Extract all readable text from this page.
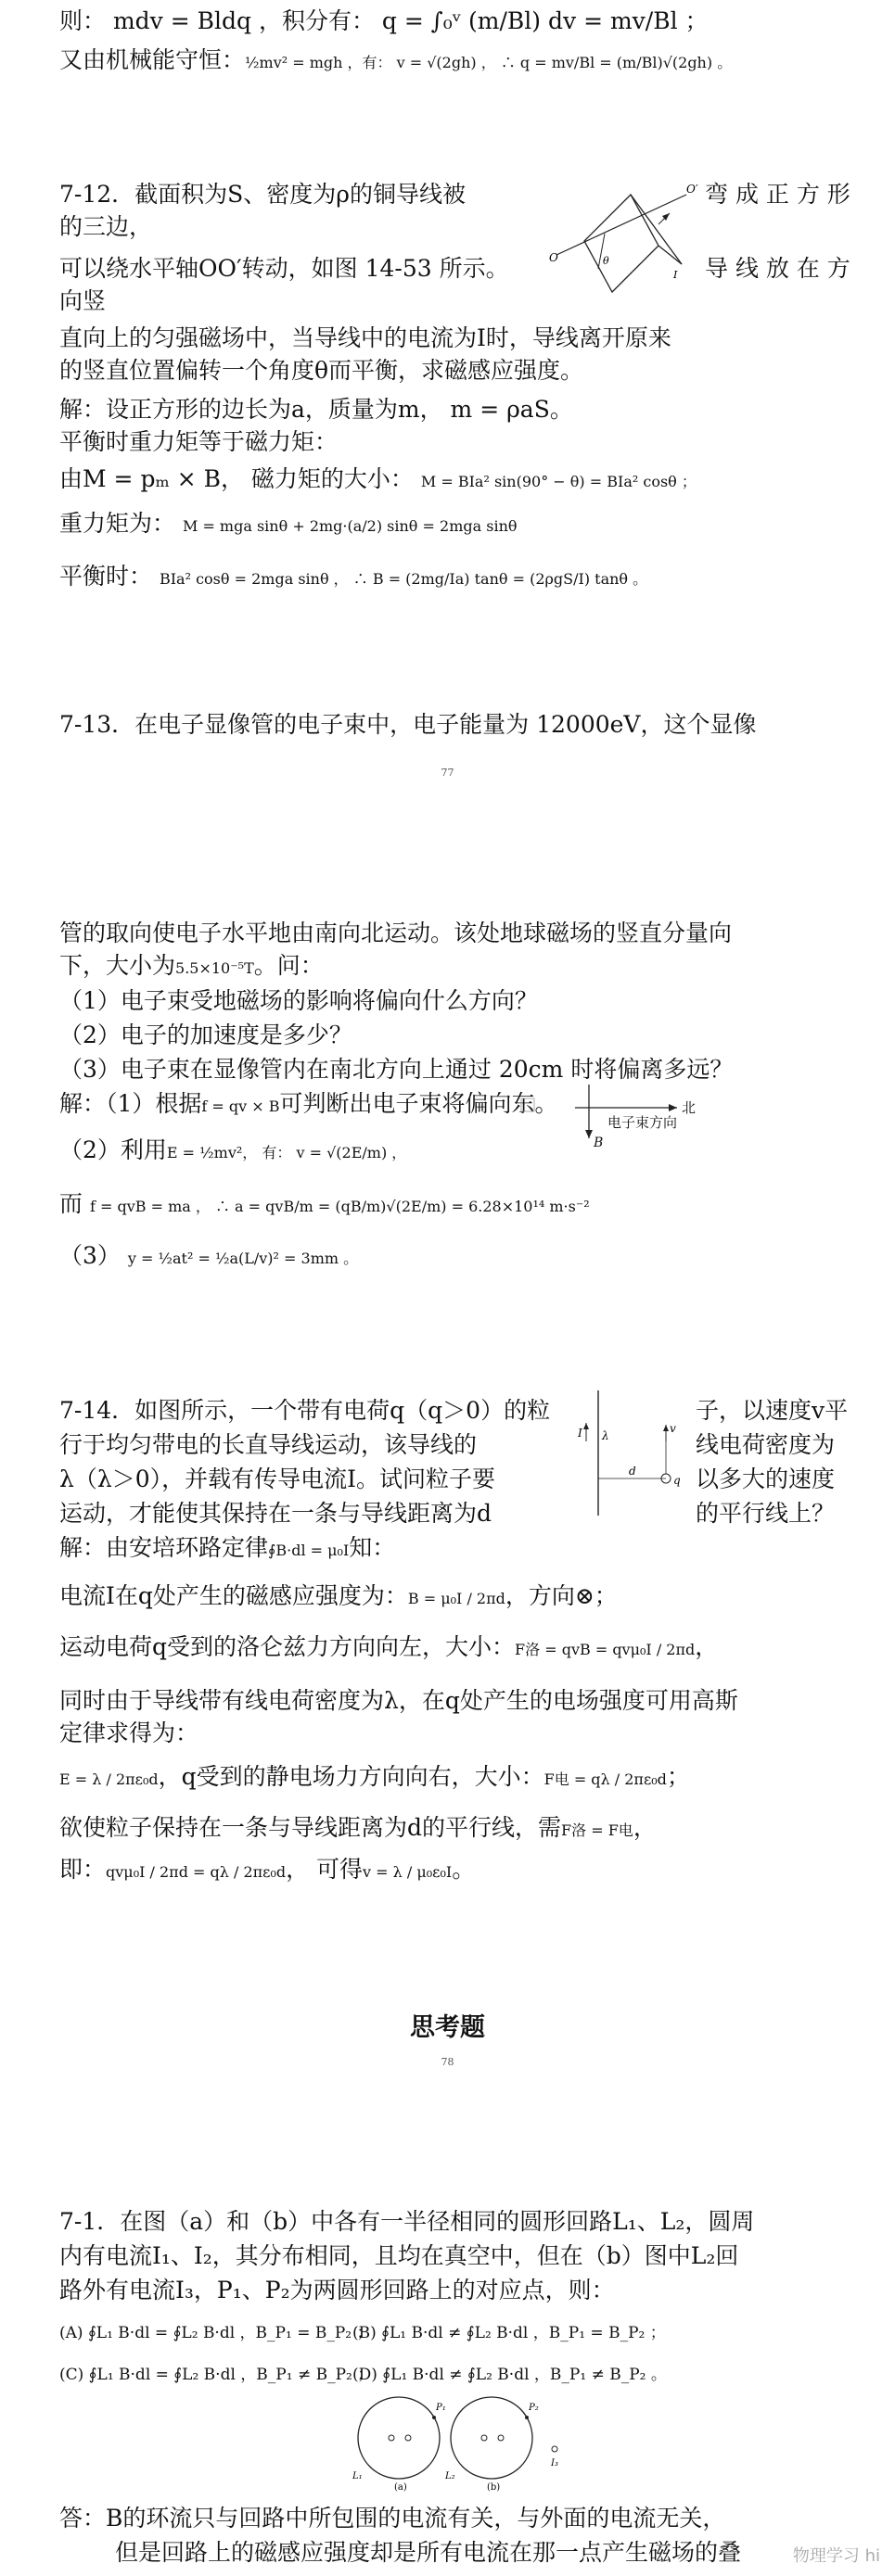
则： mdv = Bldq ，积分有： q = ∫₀ᵛ (m/Bl) dv = mv/Bl ；
又由机械能守恒：½mv² = mgh ，有： v = √(2gh) ， ∴ q = mv/Bl = (m/Bl)√(2gh) 。
7-12．截面积为S、密度为ρ的铜导线被	弯 成 正 方 形
的三边，
可以绕水平轴OO′转动，如图 14-53 所示。	导 线 放 在 方
向竖
O
O′
θ
I
直向上的匀强磁场中，当导线中的电流为I时，导线离开原来
的竖直位置偏转一个角度θ而平衡，求磁感应强度。
解：设正方形的边长为a，质量为m， m = ρaS。
平衡时重力矩等于磁力矩：
由M = pₘ × B， 磁力矩的大小： M = BIa² sin(90° − θ) = BIa² cosθ ；
重力矩为： M = mga sinθ + 2mg·(a/2) sinθ = 2mga sinθ
平衡时： BIa² cosθ = 2mga sinθ ， ∴ B = (2mg/Ia) tanθ = (2ρgS/I) tanθ 。
7-13．在电子显像管的电子束中，电子能量为 12000eV，这个显像
77
管的取向使电子水平地由南向北运动。该处地球磁场的竖直分量向
下，大小为5.5×10⁻⁵T。问：
（1）电子束受地磁场的影响将偏向什么方向？
（2）电子的加速度是多少？
（3）电子束在显像管内在南北方向上通过 20cm 时将偏离多远？
解：（1）根据f = qv × B可判断出电子束将偏向东。	北
电子束方向
B
（2）利用E = ½mv²， 有： v = √(2E/m) ，
而 f = qvB = ma ， ∴ a = qvB/m = (qB/m)√(2E/m) = 6.28×10¹⁴ m·s⁻²
（3） y = ½at² = ½a(L/v)² = 3mm 。
7-14．如图所示，一个带有电荷q（q＞0）的粒	子，以速度v平
行于均匀带电的长直导线运动，该导线的	线电荷密度为
λ（λ＞0），并载有传导电流I。试问粒子要	以多大的速度
运动，才能使其保持在一条与导线距离为d	的平行线上？
I λ
v
d
q
解：由安培环路定律∮B·dl = μ₀I知：
电流I在q处产生的磁感应强度为：B = μ₀I / 2πd，方向⊗；
运动电荷q受到的洛仑兹力方向向左，大小：F洛 = qvB = qvμ₀I / 2πd，
同时由于导线带有线电荷密度为λ，在q处产生的电场强度可用高斯
定律求得为：
E = λ / 2πε₀d，q受到的静电场力方向向右，大小：F电 = qλ / 2πε₀d；
欲使粒子保持在一条与导线距离为d的平行线，需F洛 = F电，
即：qvμ₀I / 2πd = qλ / 2πε₀d， 可得v = λ / μ₀ε₀I。
思考题
78
7-1．在图（a）和（b）中各有一半径相同的圆形回路L₁、L₂，圆周
内有电流I₁、I₂，其分布相同，且均在真空中，但在（b）图中L₂回
路外有电流I₃，P₁、P₂为两圆形回路上的对应点，则：
(A) ∮L₁ B·dl = ∮L₂ B·dl ，B_P₁ = B_P₂ ；
(B) ∮L₁ B·dl ≠ ∮L₂ B·dl ，B_P₁ = B_P₂ ；
(C) ∮L₁ B·dl = ∮L₂ B·dl ，B_P₁ ≠ B_P₂ ；
(D) ∮L₁ B·dl ≠ ∮L₂ B·dl ，B_P₁ ≠ B_P₂ 。
P₁	P₂
L₁	L₂
I₃
(a)	(b)
答：B的环流只与回路中所包围的电流有关，与外面的电流无关，
但是回路上的磁感应强度却是所有电流在那一点产生磁场的叠	物理学习 hi
